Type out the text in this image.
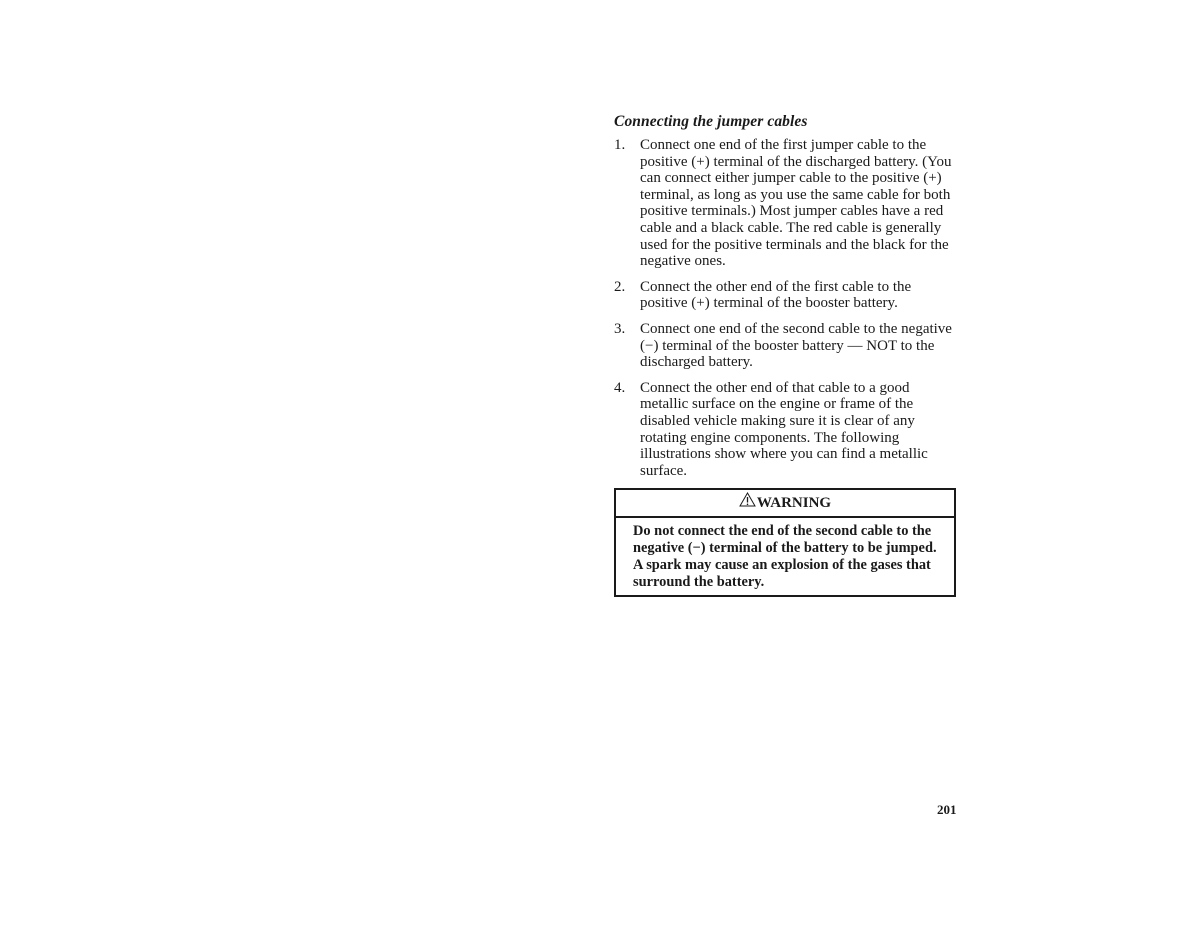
Connecting the jumper cables
1. Connect one end of the first jumper cable to the positive (+) terminal of the discharged battery. (You can connect either jumper cable to the positive (+) terminal, as long as you use the same cable for both positive terminals.) Most jumper cables have a red cable and a black cable. The red cable is generally used for the positive terminals and the black for the negative ones.
2. Connect the other end of the first cable to the positive (+) terminal of the booster battery.
3. Connect one end of the second cable to the negative (−) terminal of the booster battery — NOT to the discharged battery.
4. Connect the other end of that cable to a good metallic surface on the engine or frame of the disabled vehicle making sure it is clear of any rotating engine components. The following illustrations show where you can find a metallic surface.
WARNING
Do not connect the end of the second cable to the negative (−) terminal of the battery to be jumped. A spark may cause an explosion of the gases that surround the battery.
201
